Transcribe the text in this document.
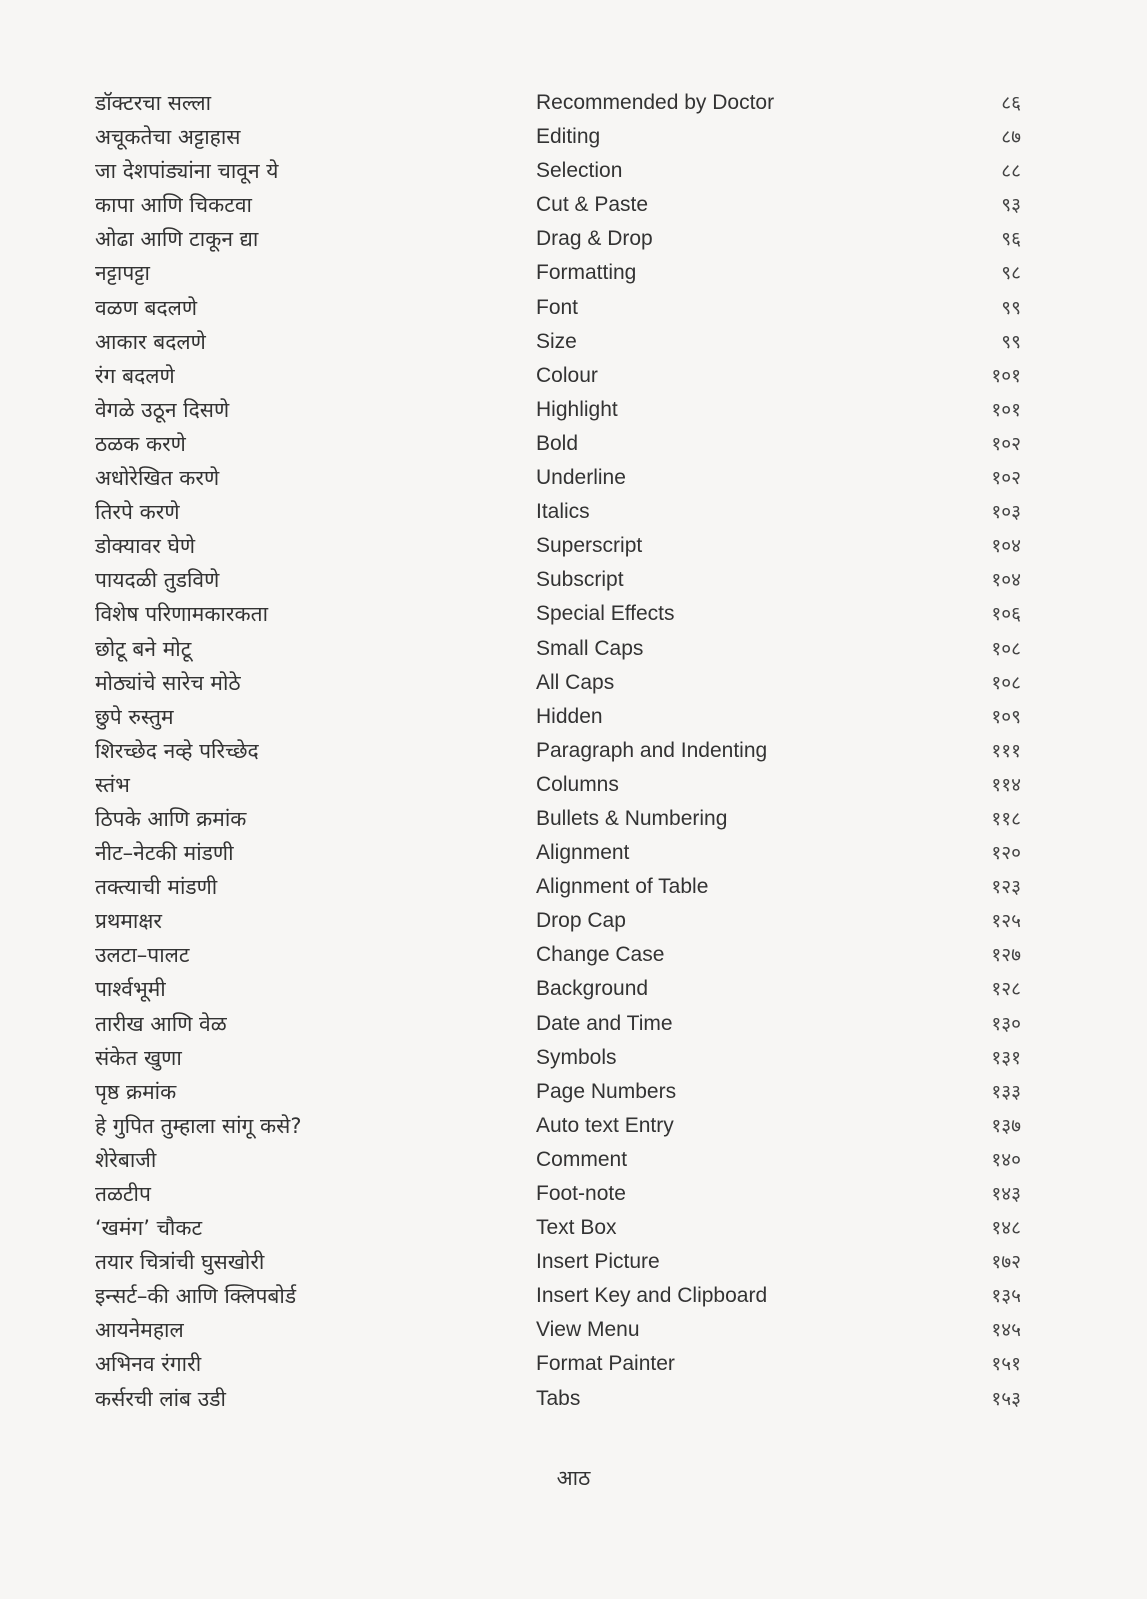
डॉक्टरचा सल्ला	Recommended by Doctor	८६
अचूकतेचा अट्टाहास	Editing	८७
जा देशपांड्यांना चावून ये	Selection	८८
कापा आणि चिकटवा	Cut & Paste	९३
ओढा आणि टाकून द्या	Drag & Drop	९६
नट्टापट्टा	Formatting	९८
वळण बदलणे	Font	९९
आकार बदलणे	Size	९९
रंग बदलणे	Colour	१०१
वेगळे उठून दिसणे	Highlight	१०१
ठळक करणे	Bold	१०२
अधोरेखित करणे	Underline	१०२
तिरपे करणे	Italics	१०३
डोक्यावर घेणे	Superscript	१०४
पायदळी तुडविणे	Subscript	१०४
विशेष परिणामकारकता	Special Effects	१०६
छोटू बने मोटू	Small Caps	१०८
मोठ्यांचे सारेच मोठे	All Caps	१०८
छुपे रुस्तुम	Hidden	१०९
शिरच्छेद नव्हे परिच्छेद	Paragraph and Indenting	१११
स्तंभ	Columns	११४
ठिपके आणि क्रमांक	Bullets & Numbering	११८
नीट–नेटकी मांडणी	Alignment	१२०
तक्त्याची मांडणी	Alignment of Table	१२३
प्रथमाक्षर	Drop Cap	१२५
उलटा–पालट	Change Case	१२७
पार्श्वभूमी	Background	१२८
तारीख आणि वेळ	Date and Time	१३०
संकेत खुणा	Symbols	१३१
पृष्ठ क्रमांक	Page Numbers	१३३
हे गुपित तुम्हाला सांगू कसे?	Auto text Entry	१३७
शेरेबाजी	Comment	१४०
तळटीप	Foot-note	१४३
‘खमंग’ चौकट	Text Box	१४८
तयार चित्रांची घुसखोरी	Insert Picture	१७२
इन्सर्ट–की आणि क्लिपबोर्ड	Insert Key and Clipboard	१३५
आयनेमहाल	View Menu	१४५
अभिनव रंगारी	Format Painter	१५१
कर्सरची लांब उडी	Tabs	१५३
आठ
